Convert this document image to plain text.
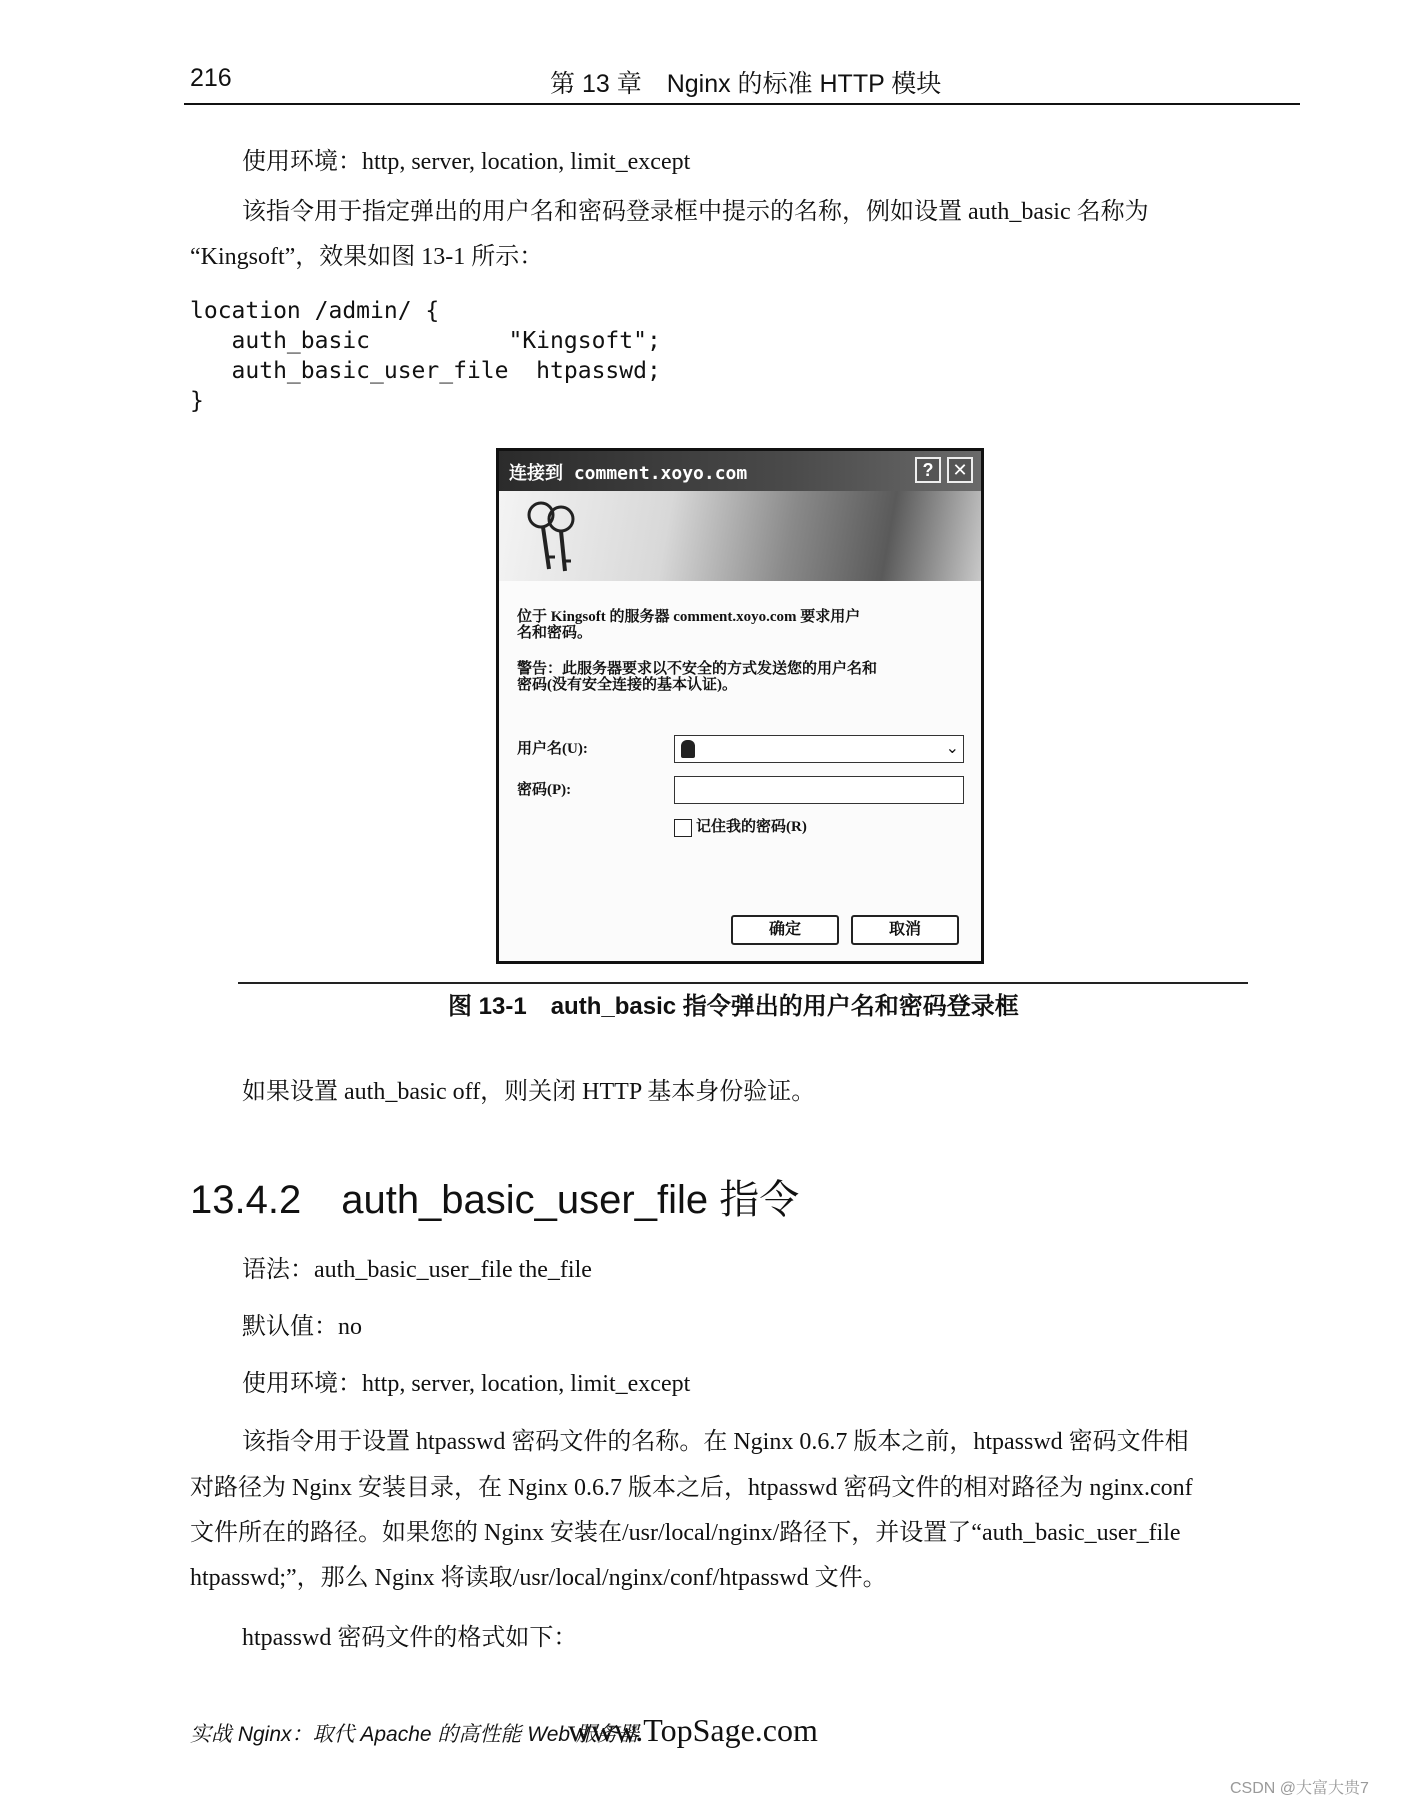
216	第 13 章　Nginx 的标准 HTTP 模块
使用环境：http, server, location, limit_except
该指令用于指定弹出的用户名和密码登录框中提示的名称，例如设置 auth_basic 名称为
“Kingsoft”，效果如图 13-1 所示：
location /admin/ {
auth_basic          "Kingsoft";
auth_basic_user_file  htpasswd;
}
连接到 comment.xoyo.com	?	✕
位于 Kingsoft 的服务器 comment.xoyo.com 要求用户
名和密码。
警告：此服务器要求以不安全的方式发送您的用户名和
密码(没有安全连接的基本认证)。
用户名(U):	⌄
密码(P):
记住我的密码(R)
确定	取消
图 13-1　auth_basic 指令弹出的用户名和密码登录框
如果设置 auth_basic off，则关闭 HTTP 基本身份验证。
13.4.2　auth_basic_user_file 指令
语法：auth_basic_user_file the_file
默认值：no
使用环境：http, server, location, limit_except
该指令用于设置 htpasswd 密码文件的名称。在 Nginx 0.6.7 版本之前，htpasswd 密码文件相
对路径为 Nginx 安装目录，在 Nginx 0.6.7 版本之后，htpasswd 密码文件的相对路径为 nginx.conf
文件所在的路径。如果您的 Nginx 安装在/usr/local/nginx/路径下，并设置了“auth_basic_user_file
htpasswd;”，那么 Nginx 将读取/usr/local/nginx/conf/htpasswd 文件。
htpasswd 密码文件的格式如下：
实战 Nginx：取代 Apache 的高性能 Web 服务器
www.TopSage.com
CSDN @大富大贵7
